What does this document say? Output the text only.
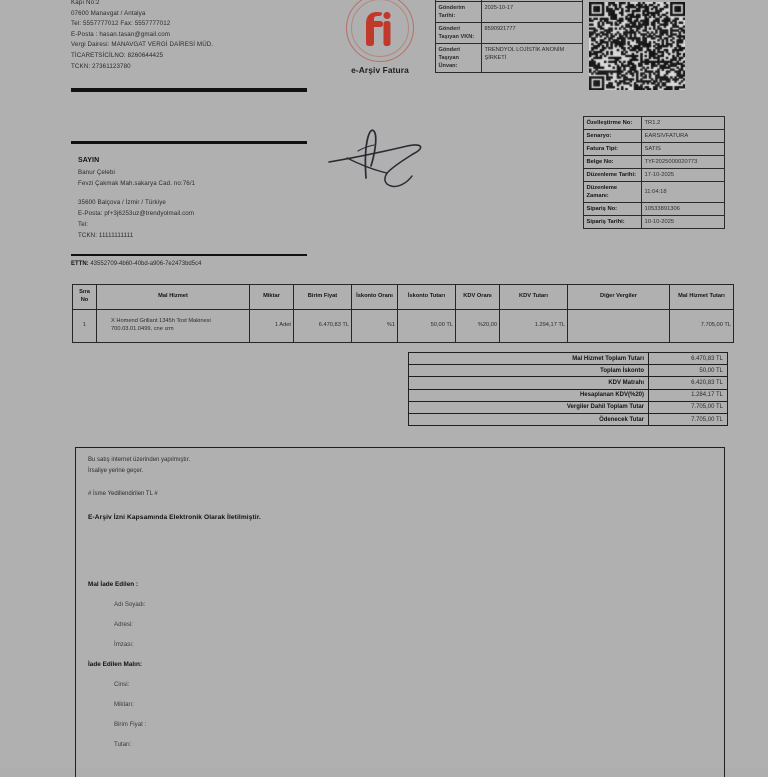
Kapı No:2
07600 Manavgat / Antalya
Tel: 5557777012 Fax: 5557777012
E-Posta : hasan.tasan@gmail.com
Vergi Dairesi: MANAVGAT VERGİ DAİRESİ MÜD.
TİCARETSİCİLNO: 8260644425
TCKN: 27361123780	e-Arşiv Fatura

Gönderim Tarihi:	2025-10-17
Gönderi Taşıyan VKN:	8590921777
Gönderi Taşıyan Ünvan:	TRENDYOL LOJİSTİK ANONİM ŞİRKETİ
SAYIN
Banur Çelebi
Fevzi Çakmak Mah.sakarya Cad. no:76/1
35600 Balçova / İzmir / Türkiye
E-Posta: pf+3j6253uz@trendyolmail.com
Tel:
TCKN: 11111111111
ETTN: 43552709-4b60-40bd-a906-7e2473bd5c4
Özelleştirme No:	TR1.2
Senaryo:	EARSIVFATURA
Fatura Tipi:	SATIS
Belge No:	TYF2025000020773
Düzenleme Tarihi:	17-10-2025
Düzenleme Zamanı:	11:04:18
Sipariş No:	10533891306
Sipariş Tarihi:	10-10-2025
Sıra No	Mal Hizmet	Miktar	Birim Fiyat	İskonto Oranı	İskonto Tutarı	KDV Oranı	KDV Tutarı	Diğer Vergiler	Mal Hizmet Tutarı
1	X Homend Grillant 1345h Tost Makinesi 700.03.01.0499, cne ızm	1 Adet	6.470,83 TL	%1	50,00 TL	%20,00	1.294,17 TL		7.705,00 TL
Mal Hizmet Toplam Tutarı	6.470,83 TL
Toplam İskonto	50,00 TL
KDV Matrahı	6.420,83 TL
Hesaplanan KDV(%20)	1.284,17 TL
Vergiler Dahil Toplam Tutar	7.705,00 TL
Ödenecek Tutar	7.705,00 TL
Bu satış internet üzerinden yapılmıştır.
İrsaliye yerine geçer.
# İsme Yedillendirilen TL #
E-Arşiv İzni Kapsamında Elektronik Olarak İletilmiştir.
Mal İade Edilen :
Adı Soyadı:
Adresi:
İmzası:
İade Edilen Malın:
Cinsi:
Miktarı:
Birim Fiyat :
Tutarı:
